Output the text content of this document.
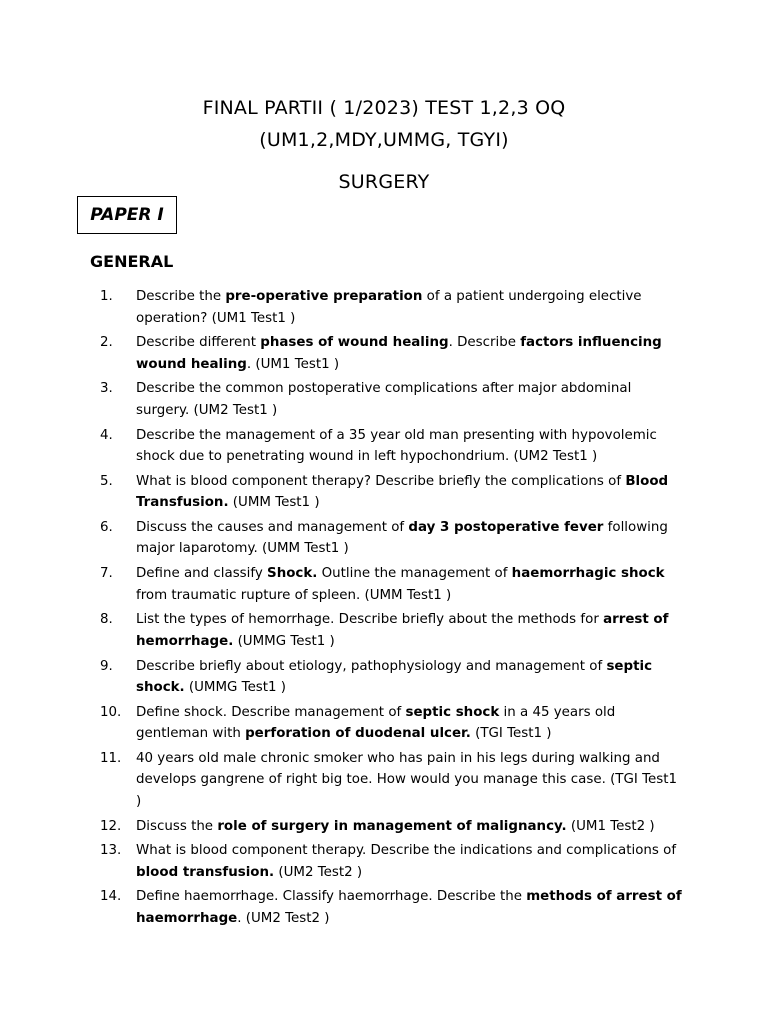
FINAL PARTII ( 1/2023) TEST 1,2,3 OQ
(UM1,2,MDY,UMMG, TGYI)
SURGERY
PAPER I
GENERAL
1.	Describe the pre-operative preparation of a patient undergoing elective operation? (UM1 Test1 )
2.	Describe different phases of wound healing. Describe factors influencing wound healing. (UM1 Test1 )
3.	Describe the common postoperative complications after major abdominal surgery. (UM2 Test1 )
4.	Describe the management of a 35 year old man presenting with hypovolemic shock due to penetrating wound in left hypochondrium. (UM2 Test1 )
5.	What is blood component therapy? Describe briefly the complications of Blood Transfusion. (UMM Test1 )
6.	Discuss the causes and management of day 3 postoperative fever following major laparotomy. (UMM Test1 )
7.	Define and classify Shock. Outline the management of haemorrhagic shock from traumatic rupture of spleen. (UMM Test1 )
8.	List the types of hemorrhage. Describe briefly about the methods for arrest of hemorrhage. (UMMG Test1 )
9.	Describe briefly about etiology, pathophysiology and management of septic shock. (UMMG Test1 )
10.	Define shock. Describe management of septic shock in a 45 years old gentleman with perforation of duodenal ulcer. (TGI Test1 )
11.	40 years old male chronic smoker who has pain in his legs during walking and develops gangrene of right big toe. How would you manage this case. (TGI Test1 )
12.	Discuss the role of surgery in management of malignancy. (UM1 Test2 )
13.	What is blood component therapy. Describe the indications and complications of blood transfusion. (UM2 Test2 )
14.	Define haemorrhage. Classify haemorrhage. Describe the methods of arrest of haemorrhage. (UM2 Test2 )
